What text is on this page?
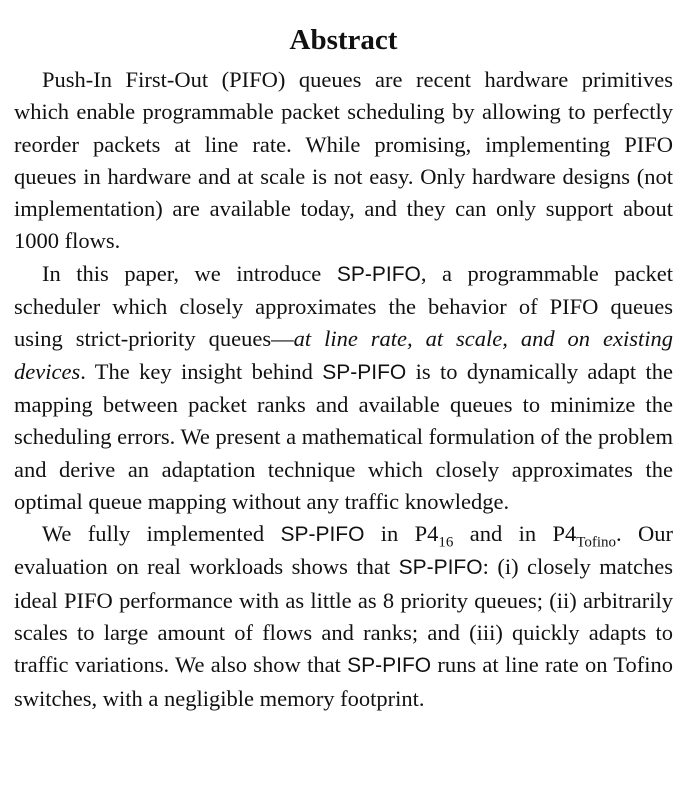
Abstract

Push-In First-Out (PIFO) queues are recent hardware primitives which enable programmable packet scheduling by allowing to perfectly reorder packets at line rate. While promising, implementing PIFO queues in hardware and at scale is not easy. Only hardware designs (not implementation) are available today, and they can only support about 1000 flows.

In this paper, we introduce SP-PIFO, a programmable packet scheduler which closely approximates the behavior of PIFO queues using strict-priority queues—at line rate, at scale, and on existing devices. The key insight behind SP-PIFO is to dynamically adapt the mapping between packet ranks and available queues to minimize the scheduling errors. We present a mathematical formulation of the problem and derive an adaptation technique which closely approximates the optimal queue mapping without any traffic knowledge.

We fully implemented SP-PIFO in $P4_{16}$ and in $P4_{Tofino}$. Our evaluation on real workloads shows that SP-PIFO: (i) closely matches ideal PIFO performance with as little as 8 priority queues; (ii) arbitrarily scales to large amount of flows and ranks; and (iii) quickly adapts to traffic variations. We also show that SP-PIFO runs at line rate on Tofino switches, with a negligible memory footprint.
